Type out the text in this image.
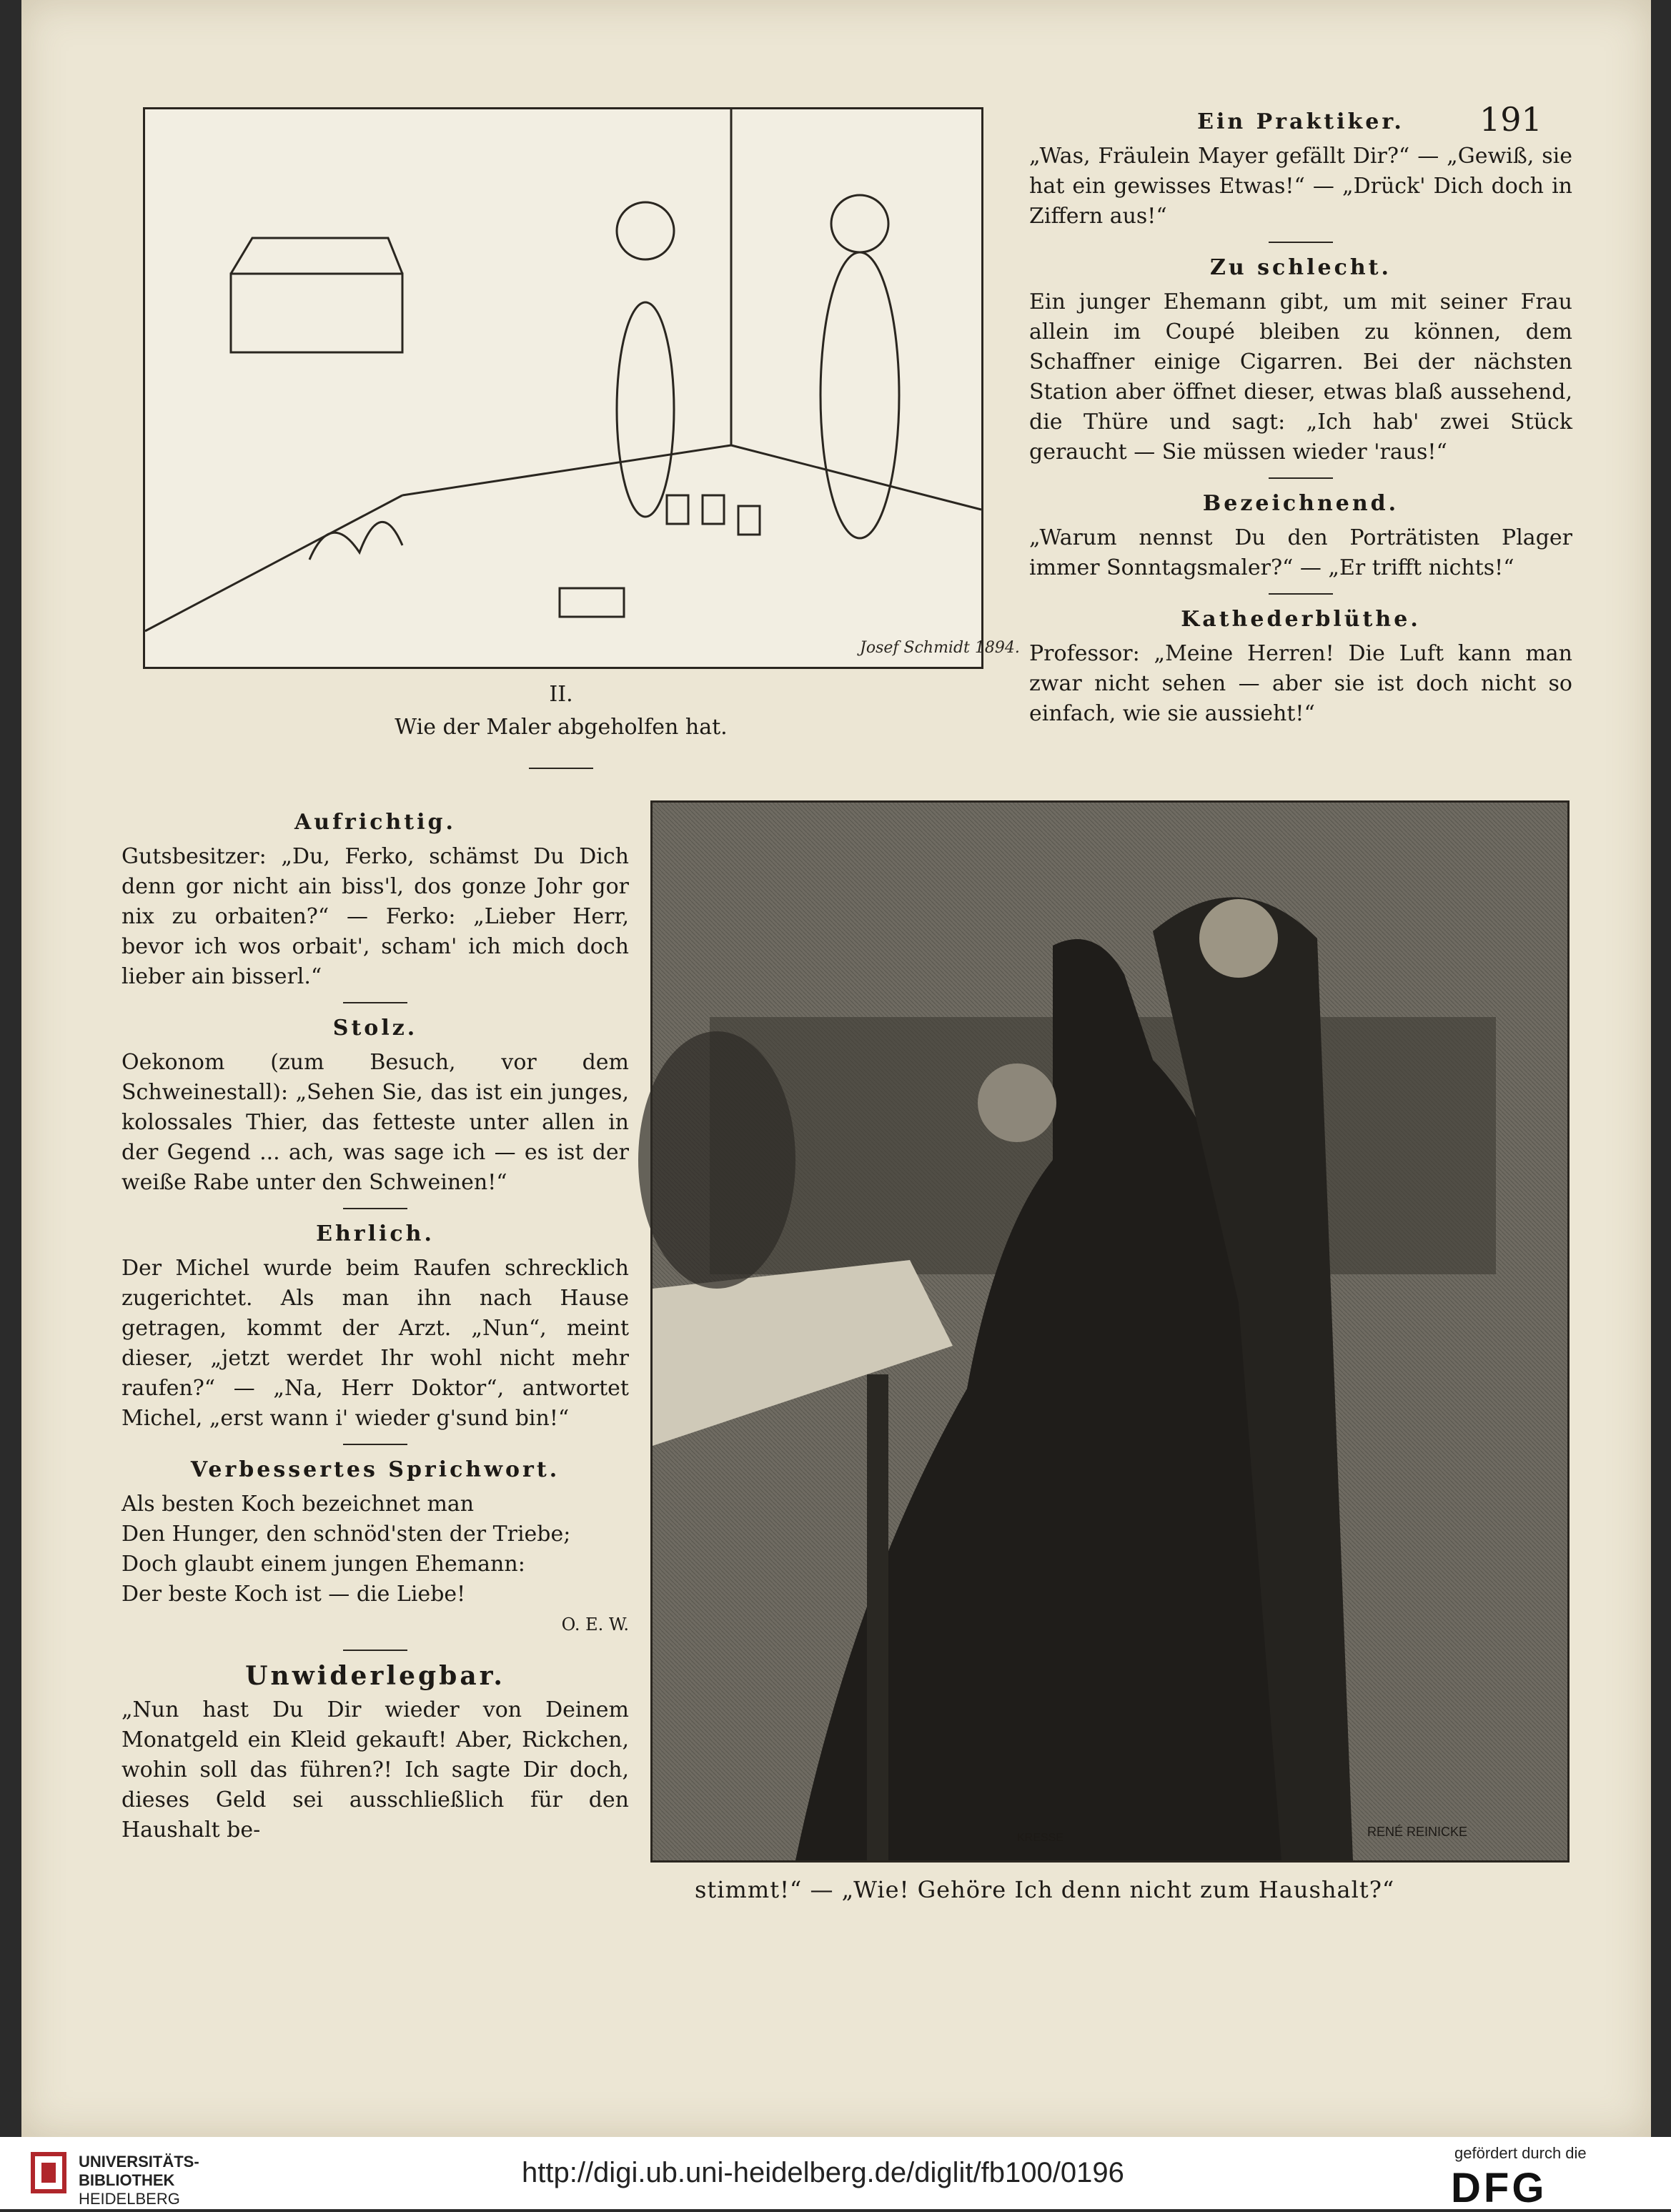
Josef Schmidt 1894.
II.
Wie der Maler abgeholfen hat.
191
Ein Praktiker.
„Was, Fräulein Mayer gefällt Dir?“ — „Gewiß, sie hat ein gewisses Etwas!“ — „Drück' Dich doch in Ziffern aus!“
Zu schlecht.
Ein junger Ehemann gibt, um mit seiner Frau allein im Coupé bleiben zu können, dem Schaffner einige Cigarren. Bei der nächsten Station aber öffnet dieser, etwas blaß aussehend, die Thüre und sagt: „Ich hab' zwei Stück geraucht — Sie müssen wieder 'raus!“
Bezeichnend.
„Warum nennst Du den Porträtisten Plager immer Sonntagsmaler?“ — „Er trifft nichts!“
Kathederblüthe.
Professor: „Meine Herren! Die Luft kann man zwar nicht sehen — aber sie ist doch nicht so einfach, wie sie aussieht!“
Aufrichtig.
Gutsbesitzer: „Du, Ferko, schämst Du Dich denn gor nicht ain biss'l, dos gonze Johr gor nix zu orbaiten?“ — Ferko: „Lieber Herr, bevor ich wos orbait', scham' ich mich doch lieber ain bisserl.“
Stolz.
Oekonom (zum Besuch, vor dem Schweinestall): „Sehen Sie, das ist ein junges, kolossales Thier, das fetteste unter allen in der Gegend ... ach, was sage ich — es ist der weiße Rabe unter den Schweinen!“
Ehrlich.
Der Michel wurde beim Raufen schrecklich zugerichtet. Als man ihn nach Hause getragen, kommt der Arzt. „Nun“, meint dieser, „jetzt werdet Ihr wohl nicht mehr raufen?“ — „Na, Herr Doktor“, antwortet Michel, „erst wann i' wieder g'sund bin!“
Verbessertes Sprichwort.
Als besten Koch bezeichnet man
Den Hunger, den schnöd'sten der Triebe;
Doch glaubt einem jungen Ehemann:
Der beste Koch ist — die Liebe!
O. E. W.
Unwiderlegbar.
„Nun hast Du Dir wieder von Deinem Monatgeld ein Kleid gekauft! Aber, Rickchen, wohin soll das führen?! Ich sagte Dir doch, dieses Geld sei ausschließlich für den Haushalt be-	KRESSE	RENÉ REINICKE
stimmt!“ — „Wie! Gehöre Ich denn nicht zum Haushalt?“
UNIVERSITÄTS-
BIBLIOTHEK
HEIDELBERG
http://digi.ub.uni-heidelberg.de/diglit/fb100/0196
gefördert durch die
DFG
